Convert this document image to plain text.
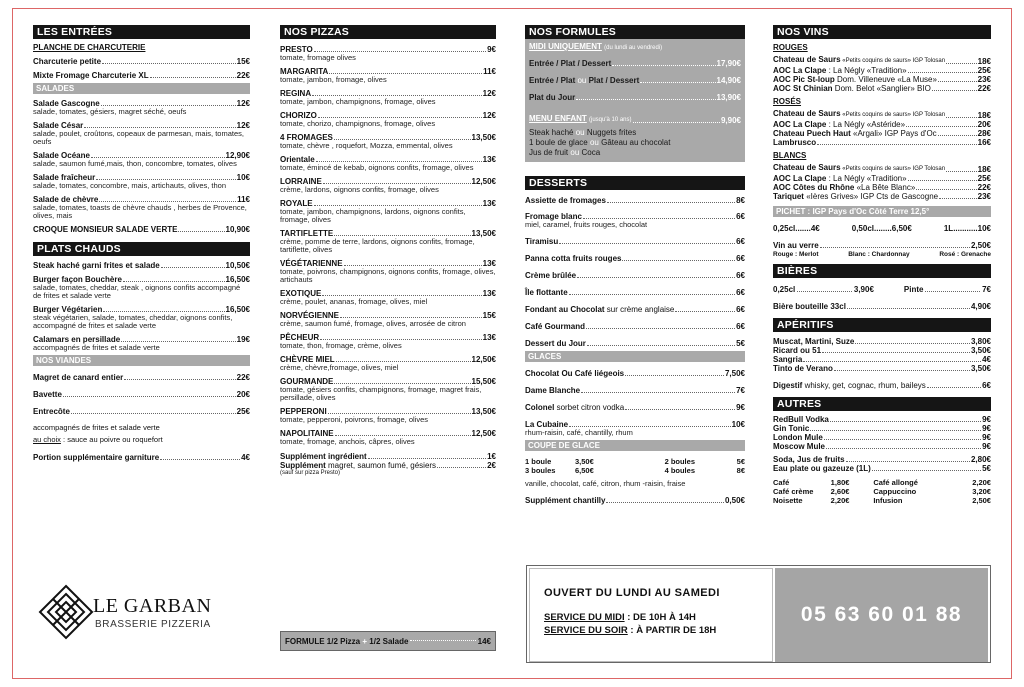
LES ENTRÉES
PLANCHE DE CHARCUTERIE
Charcuterie petite	15€
Mixte Fromage Charcuterie XL	22€
SALADES
Salade Gascogne	12€
salade, tomates, gésiers, magret séché, oeufs
Salade César	12€
salade, poulet, croûtons, copeaux de parmesan, mais, tomates, oeufs
Salade Océane	12,90€
salade, saumon fumé,mais, thon, concombre, tomates, olives
Salade fraîcheur	10€
salade, tomates, concombre, mais, artichauts, olives, thon
Salade de chèvre	11€
salade, tomates, toasts de chèvre chauds , herbes de Provence, olives, mais
CROQUE MONSIEUR SALADE VERTE	10,90€
PLATS CHAUDS
Steak haché garni frites et salade	10,50€
Burger façon Bouchère	16,50€
salade, tomates, cheddar, steak , oignons confits accompagné de frites et salade verte
Burger Végétarien	16,50€
steak végétarien, salade, tomates, cheddar, oignons confits, accompagné de frites et salade verte
Calamars en persillade	19€
accompagnés de frites et salade verte
NOS VIANDES
Magret de canard entier	22€
Bavette	20€
Entrecôte	25€
accompagnés de frites et salade verte
au choix : sauce au poivre ou roquefort
Portion supplémentaire garniture	4€
LE GARBAN
BRASSERIE PIZZERIA
NOS PIZZAS
PRESTO	9€
tomate, fromage olives
MARGARITA	11€
tomate, jambon, fromage, olives
REGINA	12€
tomate, jambon, champignons, fromage, olives
CHORIZO	12€
tomate, chorizo, champignons, fromage, olives
4 FROMAGES	13,50€
tomate, chèvre , roquefort, Mozza, emmental, olives
Orientale	13€
tomate, émincé de kebab, oignons confits, fromage, olives
LORRAINE	12,50€
crème, lardons, oignons confits, fromage, olives
ROYALE	13€
tomate, jambon, champignons, lardons, oignons confits, fromage, olives
TARTIFLETTE	13,50€
crème, pomme de terre, lardons, oignons confits, fromage, tartiflette, olives
VÉGÉTARIENNE	13€
tomate, poivrons, champignons, oignons confits, fromage, olives, artichauts
EXOTIQUE	13€
crème, poulet, ananas, fromage, olives, miel
NORVÉGIENNE	15€
crème, saumon fumé, fromage, olives, arrosée de citron
PÊCHEUR	13€
tomate, thon, fromage, crème, olives
CHÈVRE MIEL	12,50€
crème, chèvre,fromage, olives, miel
GOURMANDE	15,50€
tomate, gésiers confits, champignons, fromage, magret frais, persillade, olives
PEPPERONI	13,50€
tomate, pepperoni, poivrons, fromage, olives
NAPOLITAINE	12,50€
tomate, fromage, anchois, câpres, olives
Supplément ingrédient	1€
Supplément magret, saumon fumé, gésiers	2€
(sauf sur pizza Presto)
FORMULE 1/2 Pizza
+
1/2 Salade	14€
NOS FORMULES
MIDI UNIQUEMENT (du lundi au vendredi)
Entrée / Plat / Dessert	17,90€
Entrée / Plat ou Plat / Dessert	14,90€
Plat du Jour	13,90€
MENU ENFANT (jusqu'à 10 ans)	9,90€
Steak haché ou Nuggets frites
1 boule de glace ou Gâteau au chocolat
Jus de fruit ou Coca
DESSERTS
Assiette de fromages	8€
Fromage blanc	6€
miel, caramel, fruits rouges, chocolat
Tiramisu	6€
Panna cotta fruits rouges	6€
Crème brûlée	6€
Île flottante	6€
Fondant au Chocolat sur crème anglaise	6€
Café Gourmand	6€
Dessert du Jour	5€
GLACES
Chocolat Ou Café liégeois	7,50€
Dame Blanche	7€
Colonel sorbet citron vodka	9€
La Cubaine	10€
rhum-raisin, café, chantilly, rhum
COUPE DE GLACE
1 boule	3,50€	2 boules	5€
3 boules	6,50€	4 boules	8€
vanille, chocolat, café, citron, rhum -raisin, fraise
Supplément chantilly	0,50€
NOS VINS
ROUGES
Chateau de Saurs «Petits coquins de saurs» IGP Tolosan	18€
AOC La Clape : La Négly «Tradition»	25€
AOC Pic St-loup Dom. Villeneuve «La Muse»	23€
AOC St Chinian Dom. Belot «Sanglier» BIO	22€
ROSÉS
Chateau de Saurs «Petits coquins de saurs» IGP Tolosan	18€
AOC La Clape : La Négly «Astéride»	20€
Chateau Puech Haut «Argali» IGP Pays d'Oc	28€
Lambrusco	16€
BLANCS
Chateau de Saurs «Petits coquins de saurs» IGP Tolosan	18€
AOC La Clape : La Négly «Tradition»	25€
AOC Côtes du Rhône «La Bête Blanc»	22€
Tariquet «Ières Grives» IGP Cts de Gascogne	23€
PICHET : IGP Pays d'Oc Côté Terre 12,5°
0,25cl.......4€	0,50cl........6,50€	1L...........10€
Vin au verre	2,50€
Rouge : Merlot	Blanc : Chardonnay	Rosé : Grenache
BIÈRES
0,25cl	3,90€	Pinte	7€
Bière bouteille 33cl	4,90€
APÉRITIFS
Muscat, Martini, Suze	3,80€
Ricard ou 51	3,50€
Sangria	4€
Tinto de Verano	3,50€
Digestif whisky, get, cognac, rhum, baileys	6€
AUTRES
RedBull Vodka	9€
Gin Tonic	9€
London Mule	9€
Moscow Mule	9€
Soda, Jus de fruits	2,80€
Eau plate ou gazeuze (1L)	5€
Café	1,80€	Café allongé	2,20€
Café crème	2,60€	Cappuccino	3,20€
Noisette	2,20€	Infusion	2,50€
OUVERT DU LUNDI AU SAMEDI
SERVICE DU MIDI : DE 10H À 14H
SERVICE DU SOIR : À PARTIR DE 18H
05 63 60 01 88
